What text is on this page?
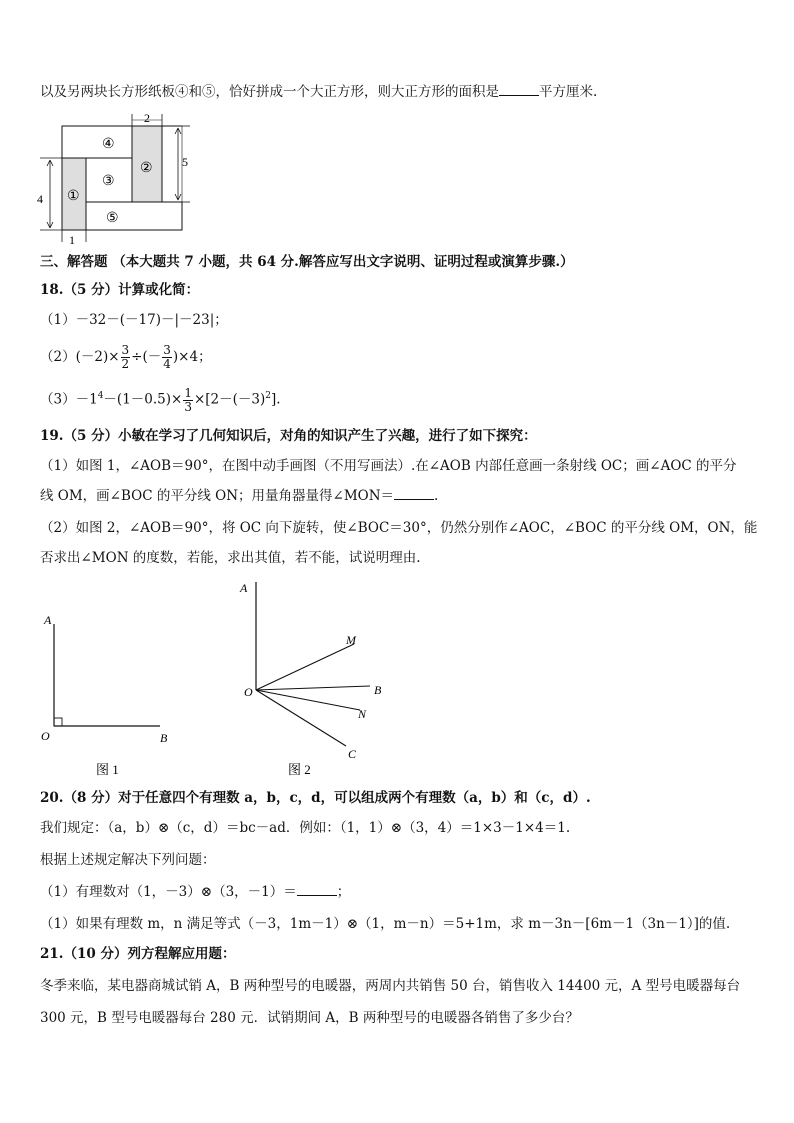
以及另两块长方形纸板④和⑤，恰好拼成一个大正方形，则大正方形的面积是	平方厘米.
2
5
4
1
①
②
③
④
⑤
三、解答题 （本大题共 7 小题，共 64 分.解答应写出文字说明、证明过程或演算步骤.）
18.（5 分）计算或化简：
（1）－32－(－17)－|－23|；
$(2)(-2)\times \frac{3}{2}$ ÷(－ $\frac{3}{4} )\times 4$；
$(3)-1^4-(1-0.5)\times \frac{1}{3} \times[2-(-3)^2]$.
19.（5 分）小敏在学习了几何知识后，对角的知识产生了兴趣，进行了如下探究：
（1）如图 1，∠AOB＝90°，在图中动手画图（不用写画法）.在∠AOB 内部任意画一条射线 OC；画∠AOC 的平分
线 OM，画∠BOC 的平分线 ON；用量角器量得∠MON＝	.
（2）如图 2，∠AOB＝90°，将 OC 向下旋转，使∠BOC＝30°，仍然分别作∠AOC，∠BOC 的平分线 OM，ON，能
否求出∠MON 的度数，若能，求出其值，若不能，试说明理由.
A
O	B
图 1
A
M
O	B
N
C
图 2
20.（8 分）对于任意四个有理数 a，b，c，d，可以组成两个有理数（a，b）和（c，d）.
我们规定：（a，b）⊗（c，d）＝bc－ad．例如：（1，1）⊗（3，4）＝1×3－1×4＝1.
根据上述规定解决下列问题：
（1）有理数对（1，－3）⊗（3，－1）＝	；
（1）如果有理数 m，n 满足等式（－3，1m－1）⊗（1，m－n）＝5+1m，求 m－3n－[6m－1（3n－1）]的值.
21.（10 分）列方程解应用题：
冬季来临，某电器商城试销 A，B 两种型号的电暖器，两周内共销售 50 台，销售收入 14400 元，A 型号电暖器每台
300 元，B 型号电暖器每台 280 元．试销期间 A，B 两种型号的电暖器各销售了多少台？
